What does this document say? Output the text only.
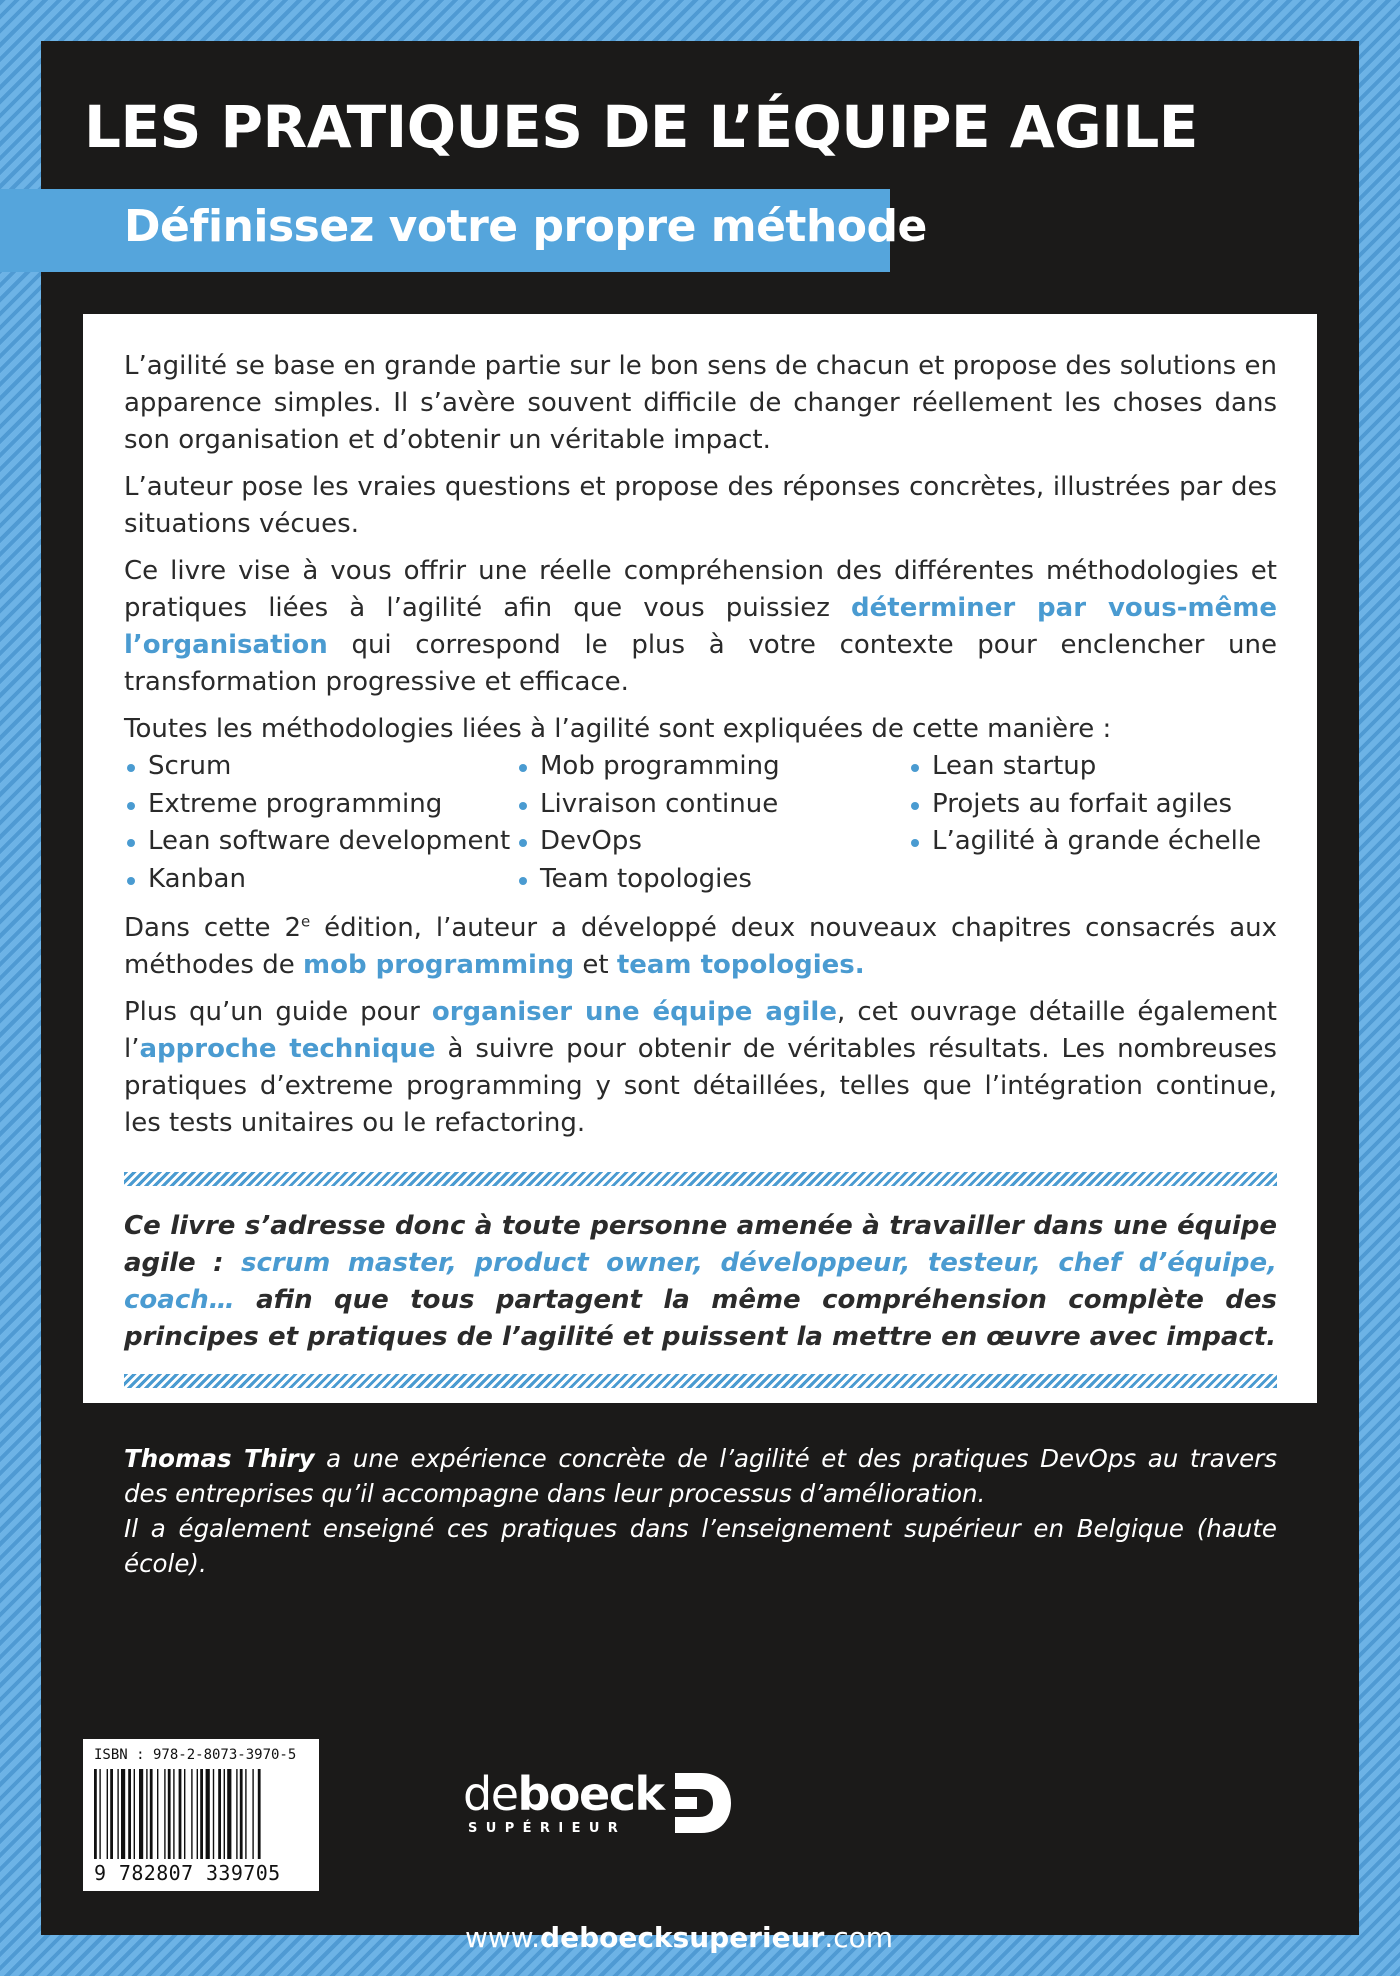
LES PRATIQUES DE L’ÉQUIPE AGILE
Définissez votre propre méthode

L’agilité se base en grande partie sur le bon sens de chacun et propose des solutions en apparence simples. Il s’avère souvent difficile de changer réellement les choses dans son organisation et d’obtenir un véritable impact.

L’auteur pose les vraies questions et propose des réponses concrètes, illustrées par des situations vécues.

Ce livre vise à vous offrir une réelle compréhension des différentes méthodologies et pratiques liées à l’agilité afin que vous puissiez déterminer par vous-même l’organisation qui correspond le plus à votre contexte pour enclencher une transformation progressive et efficace.

Toutes les méthodologies liées à l’agilité sont expliquées de cette manière :

Scrum
Extreme programming
Lean software development
Kanban
Mob programming
Livraison continue
DevOps
Team topologies
Lean startup
Projets au forfait agiles
L’agilité à grande échelle

Dans cette 2e édition, l’auteur a développé deux nouveaux chapitres consacrés aux méthodes de mob programming et team topologies.

Plus qu’un guide pour organiser une équipe agile, cet ouvrage détaille également l’approche technique à suivre pour obtenir de véritables résultats. Les nombreuses pratiques d’extreme programming y sont détaillées, telles que l’intégration continue, les tests unitaires ou le refactoring.

Ce livre s’adresse donc à toute personne amenée à travailler dans une équipe agile : scrum master, product owner, développeur, testeur, chef d’équipe, coach… afin que tous partagent la même compréhension complète des principes et pratiques de l’agilité et puissent la mettre en œuvre avec impact.

Thomas Thiry a une expérience concrète de l’agilité et des pratiques DevOps au travers des entreprises qu’il accompagne dans leur processus d’amélioration.

Il a également enseigné ces pratiques dans l’enseignement supérieur en Belgique (haute école).

ISBN : 978-2-8073-3970-5
9 782807 339705
deboeck
SUPÉRIEUR
www.deboecksuperieur.com
